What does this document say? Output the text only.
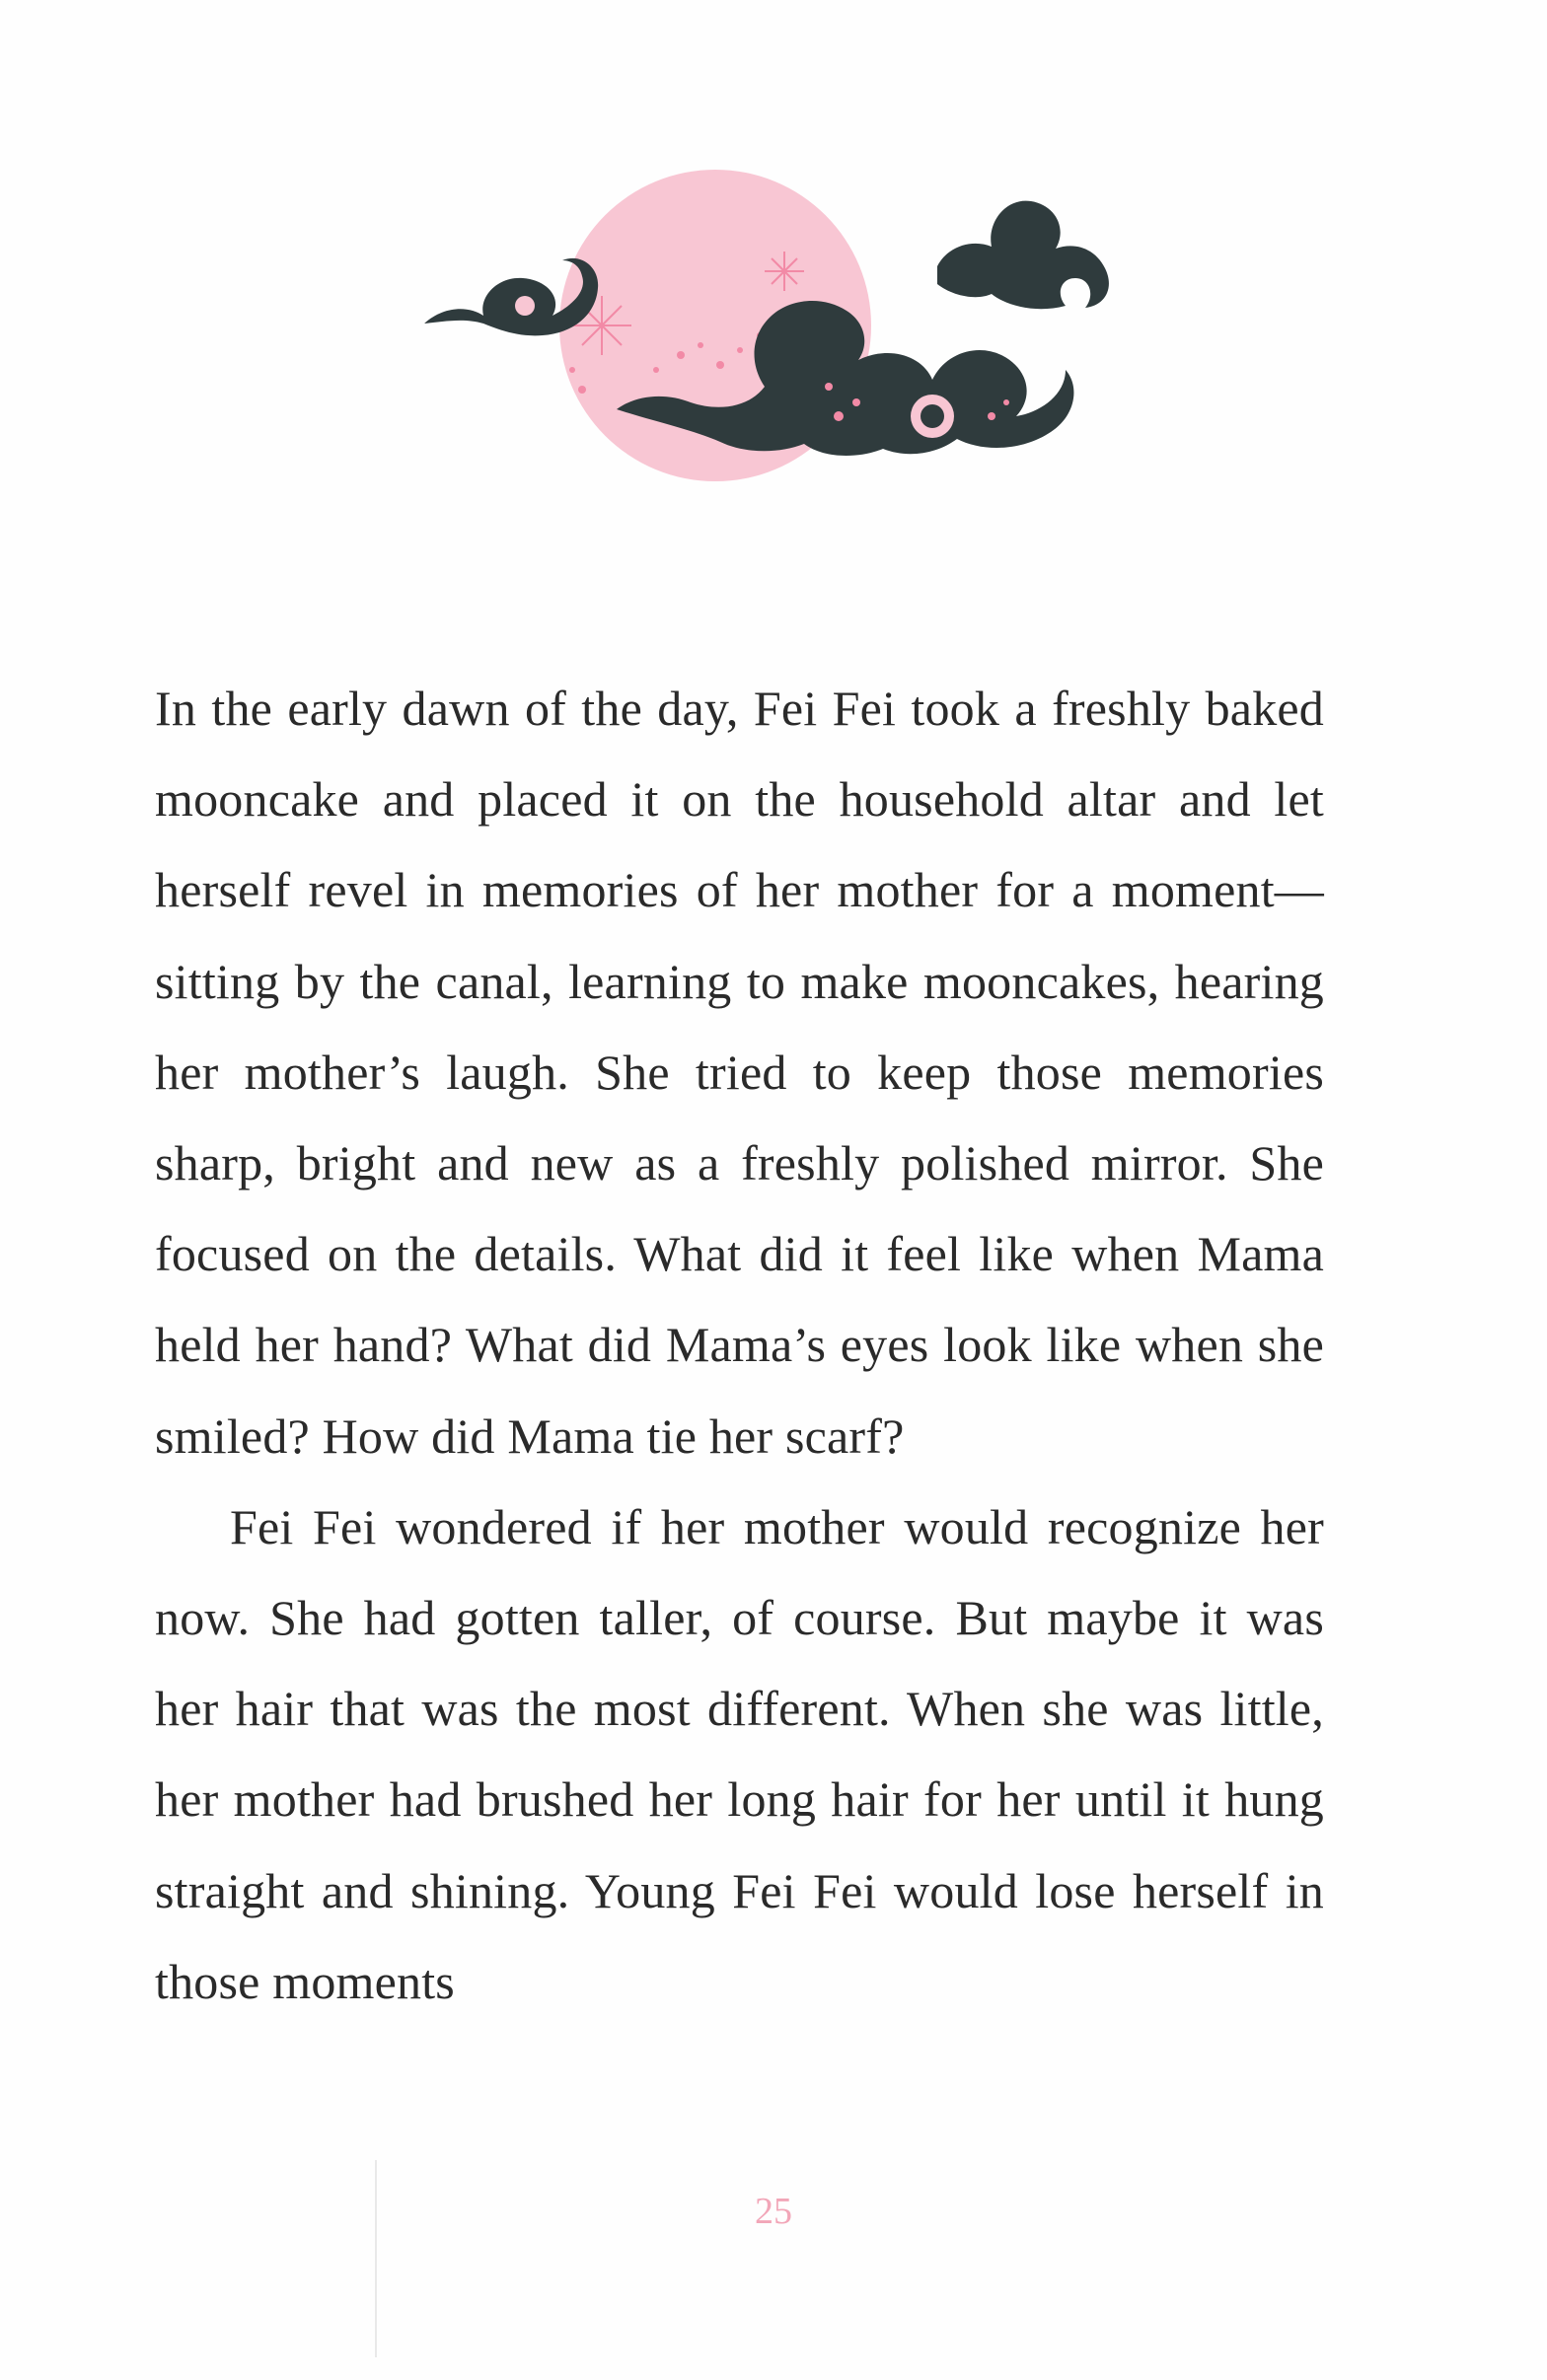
In the early dawn of the day, Fei Fei took a freshly baked mooncake and placed it on the household altar and let herself revel in memories of her mother for a moment—sitting by the canal, learning to make mooncakes, hearing her mother’s laugh. She tried to keep those memories sharp, bright and new as a freshly polished mirror. She focused on the details. What did it feel like when Mama held her hand? What did Mama’s eyes look like when she smiled? How did Mama tie her scarf?

Fei Fei wondered if her mother would recognize her now. She had gotten taller, of course. But maybe it was her hair that was the most different. When she was little, her mother had brushed her long hair for her until it hung straight and shining. Young Fei Fei would lose herself in those moments

25
